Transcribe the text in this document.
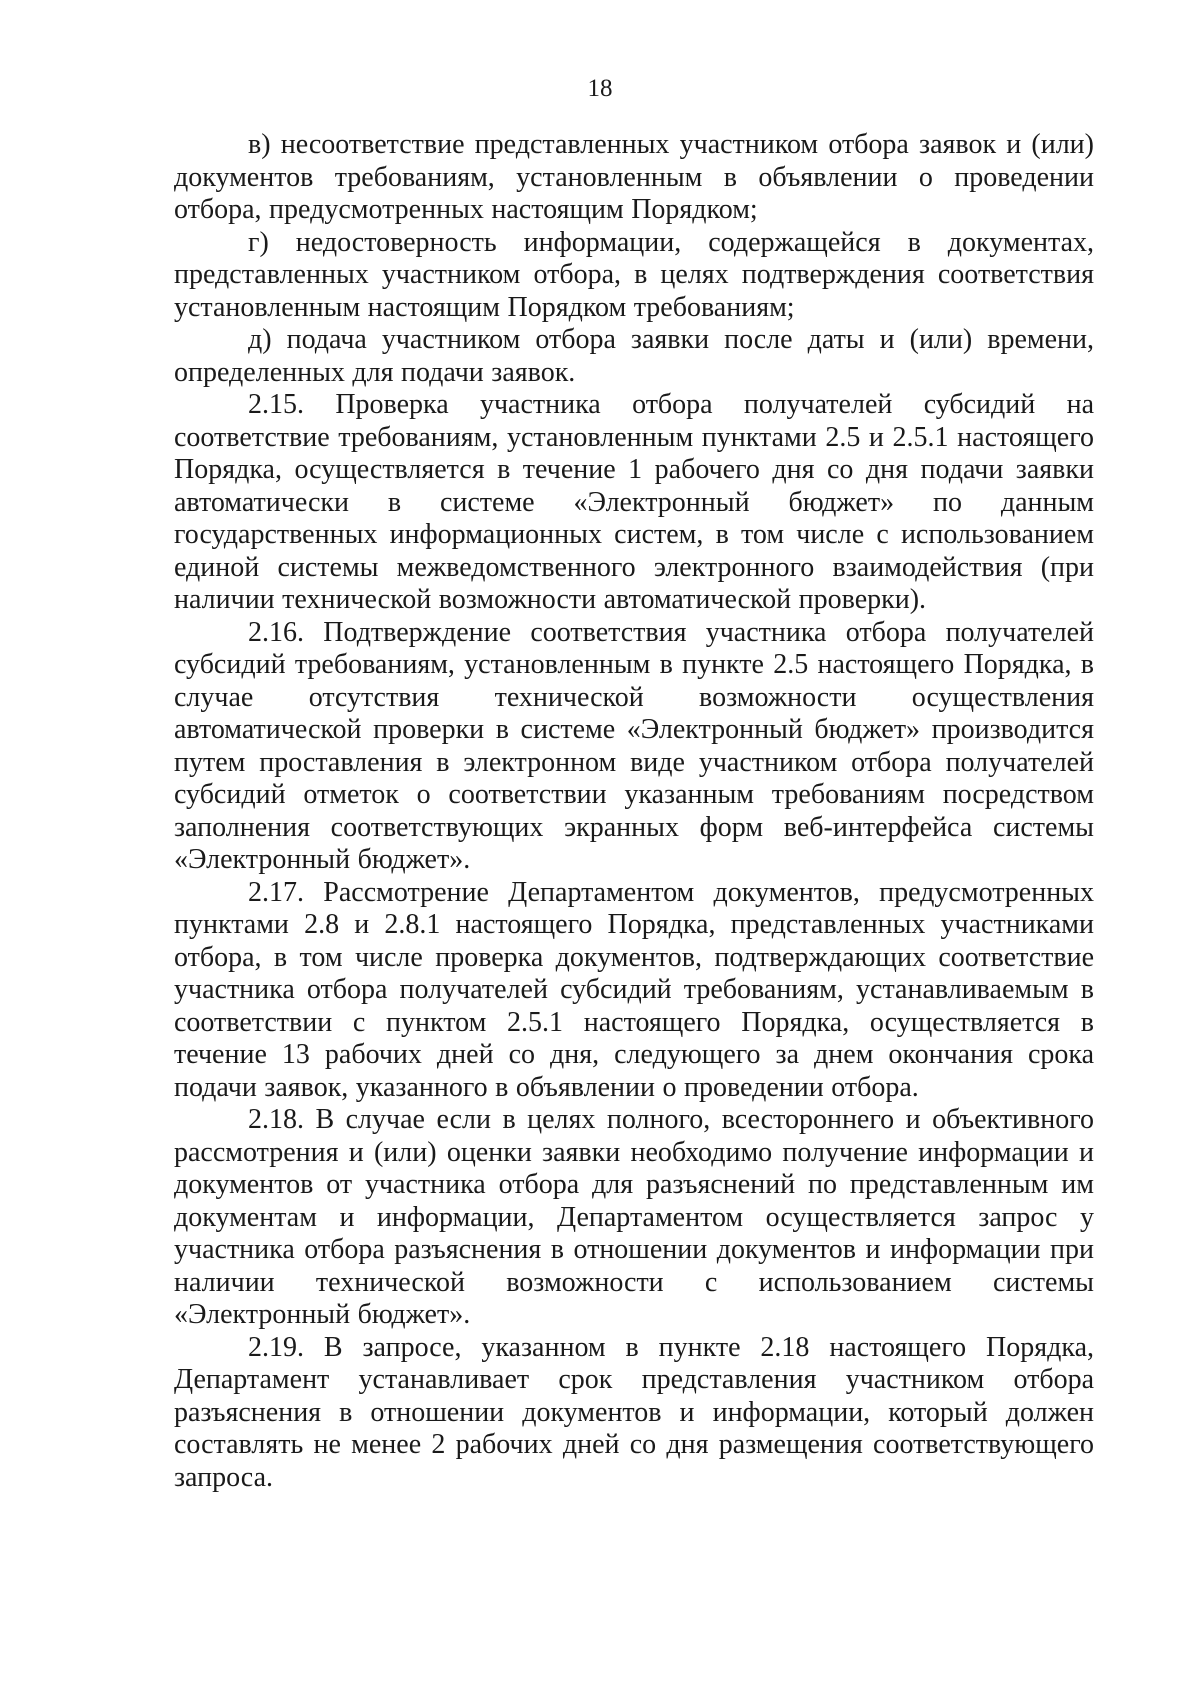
18

в) несоответствие представленных участником отбора заявок и (или) документов требованиям, установленным в объявлении о проведении отбора, предусмотренных настоящим Порядком;

г) недостоверность информации, содержащейся в документах, представленных участником отбора, в целях подтверждения соответствия установленным настоящим Порядком требованиям;

д) подача участником отбора заявки после даты и (или) времени, определенных для подачи заявок.

2.15. Проверка участника отбора получателей субсидий на соответствие требованиям, установленным пунктами 2.5 и 2.5.1 настоящего Порядка, осуществляется в течение 1 рабочего дня со дня подачи заявки автоматически в системе «Электронный бюджет» по данным государственных информационных систем, в том числе с использованием единой системы межведомственного электронного взаимодействия (при наличии технической возможности автоматической проверки).

2.16. Подтверждение соответствия участника отбора получателей субсидий требованиям, установленным в пункте 2.5 настоящего Порядка, в случае отсутствия технической возможности осуществления автоматической проверки в системе «Электронный бюджет» производится путем проставления в электронном виде участником отбора получателей субсидий отметок о соответствии указанным требованиям посредством заполнения соответствующих экранных форм веб-интерфейса системы «Электронный бюджет».

2.17. Рассмотрение Департаментом документов, предусмотренных пунктами 2.8 и 2.8.1 настоящего Порядка, представленных участниками отбора, в том числе проверка документов, подтверждающих соответствие участника отбора получателей субсидий требованиям, устанавливаемым в соответствии с пунктом 2.5.1 настоящего Порядка, осуществляется в течение 13 рабочих дней со дня, следующего за днем окончания срока подачи заявок, указанного в объявлении о проведении отбора.

2.18. В случае если в целях полного, всестороннего и объективного рассмотрения и (или) оценки заявки необходимо получение информации и документов от участника отбора для разъяснений по представленным им документам и информации, Департаментом осуществляется запрос у участника отбора разъяснения в отношении документов и информации при наличии технической возможности с использованием системы «Электронный бюджет».

2.19. В запросе, указанном в пункте 2.18 настоящего Порядка, Департамент устанавливает срок представления участником отбора разъяснения в отношении документов и информации, который должен составлять не менее 2 рабочих дней со дня размещения соответствующего запроса.
